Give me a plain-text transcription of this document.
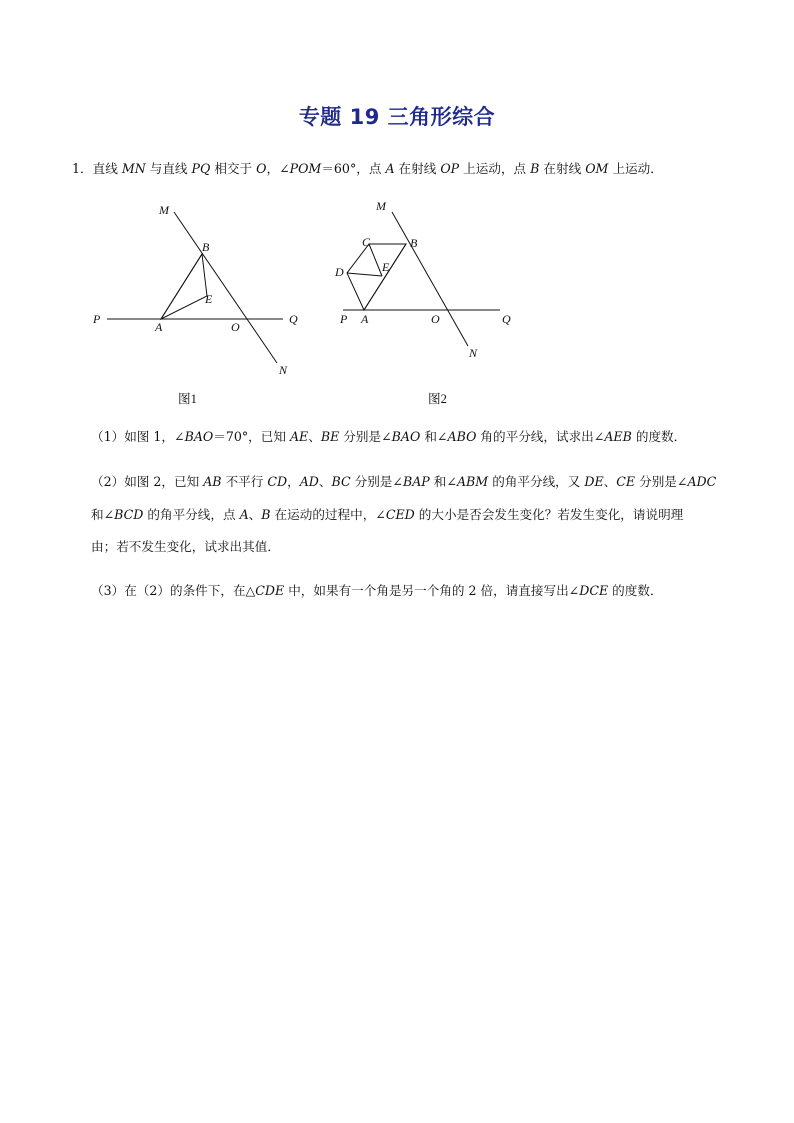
专题 19 三角形综合
1．直线 MN 与直线 PQ 相交于 O，∠POM＝60°，点 A 在射线 OP 上运动，点 B 在射线 OM 上运动．
M
B
E
P
A	O
Q
N
图1
M
C	B
D	E
P A	O	Q
N
图2
（1）如图 1，∠BAO＝70°，已知 AE、BE 分别是∠BAO 和∠ABO 角的平分线，试求出∠AEB 的度数．
（2）如图 2，已知 AB 不平行 CD，AD、BC 分别是∠BAP 和∠ABM 的角平分线，又 DE、CE 分别是∠ADC
和∠BCD 的角平分线，点 A、B 在运动的过程中，∠CED 的大小是否会发生变化？若发生变化，请说明理
由；若不发生变化，试求出其值．
（3）在（2）的条件下，在△CDE 中，如果有一个角是另一个角的 2 倍，请直接写出∠DCE 的度数．
